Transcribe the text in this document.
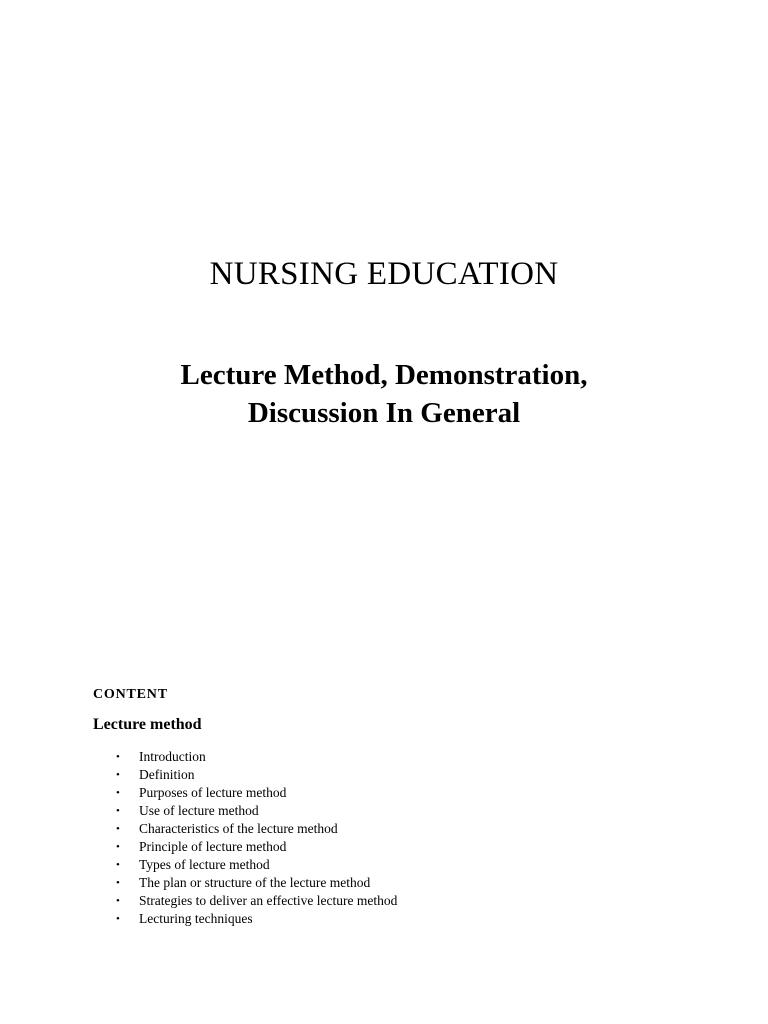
NURSING EDUCATION
Lecture Method, Demonstration,
Discussion In General

CONTENT

Lecture method

• Introduction
• Definition
• Purposes of lecture method
• Use of lecture method
• Characteristics of the lecture method
• Principle of lecture method
• Types of lecture method
• The plan or structure of the lecture method
• Strategies to deliver an effective lecture method
• Lecturing techniques
